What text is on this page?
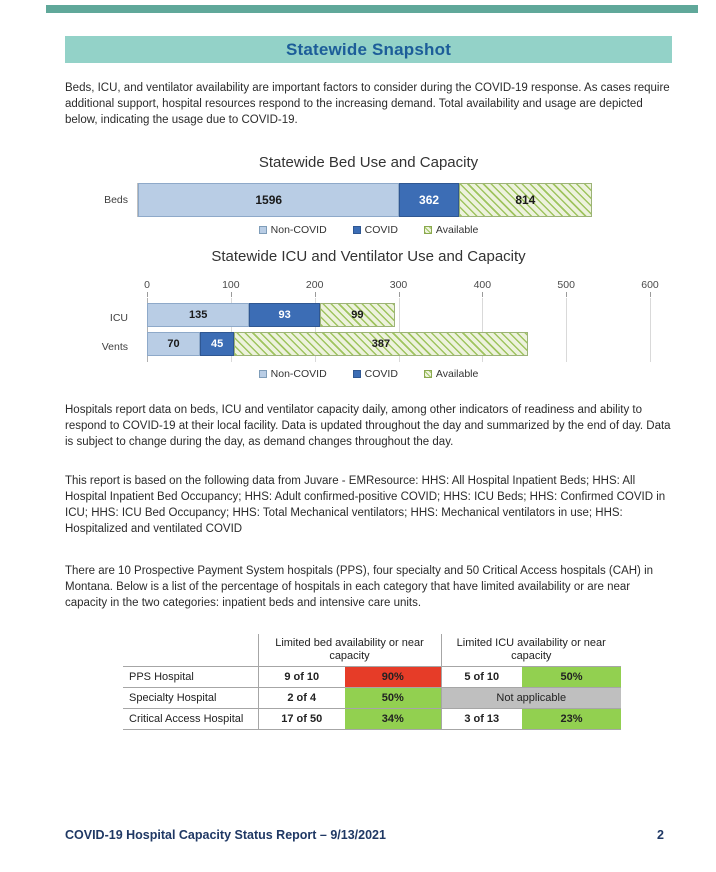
Statewide Snapshot

Beds, ICU, and ventilator availability are important factors to consider during the COVID-19 response. As cases require additional support, hospital resources respond to the increasing demand. Total availability and usage are depicted below, indicating the usage due to COVID-19.

Statewide Bed Use and Capacity
Beds	1596	362	814
Non-COVID	COVID	Available
Statewide ICU and Ventilator Use and Capacity
ICU
Vents
0	100	200	300	400	500	600
135	93	99
70	45	387
Non-COVID	COVID	Available

Hospitals report data on beds, ICU and ventilator capacity daily, among other indicators of readiness and ability to respond to COVID-19 at their local facility. Data is updated throughout the day and summarized by the end of day. Data is subject to change during the day, as demand changes throughout the day.

This report is based on the following data from Juvare - EMResource: HHS: All Hospital Inpatient Beds; HHS: All Hospital Inpatient Bed Occupancy; HHS: Adult confirmed-positive COVID; HHS: ICU Beds; HHS: Confirmed COVID in ICU; HHS: ICU Bed Occupancy; HHS: Total Mechanical ventilators; HHS: Mechanical ventilators in use; HHS: Hospitalized and ventilated COVID

There are 10 Prospective Payment System hospitals (PPS), four specialty and 50 Critical Access hospitals (CAH) in Montana. Below is a list of the percentage of hospitals in each category that have limited availability or are near capacity in the two categories: inpatient beds and intensive care units.

	Limited bed availability or near capacity		Limited ICU availability or near capacity	
PPS Hospital	9 of 10	90%	5 of 10	50%
Specialty Hospital	2 of 4	50%	Not applicable	
Critical Access Hospital	17 of 50	34%	3 of 13	23%
COVID-19 Hospital Capacity Status Report – 9/13/2021	2
